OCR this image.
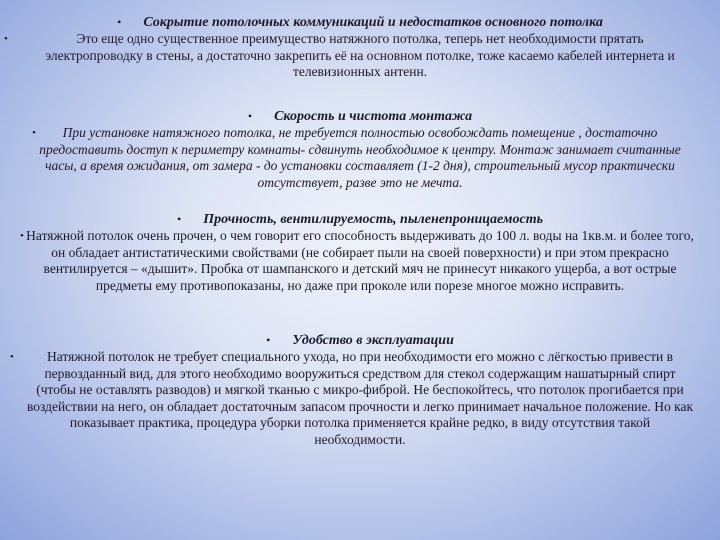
• Сокрытие потолочных коммуникаций и недостатков основного потолка

•	Это еще одно существенное преимущество натяжного потолка, теперь нет необходимости прятать электропроводку в стены, а достаточно закрепить её на основном потолке, тоже касаемо кабелей интернета и телевизионных антенн.

• Скорость и чистота монтажа

•	При установке натяжного потолка, не требуется полностью освобождать помещение , достаточно предоставить доступ к периметру комнаты- сдвинуть необходимое к центру. Монтаж занимает считанные часы, а время ожидания, от замера - до установки составляет (1-2 дня), строительный мусор практически отсутствует, разве это не мечта.

• Прочность, вентилируемость, пыленепроницаемость

• Натяжной потолок очень прочен, о чем говорит его способность выдерживать до 100 л. воды на 1кв.м. и более того, он обладает антистатическими свойствами (не собирает пыли на своей поверхности) и при этом прекрасно вентилируется – «дышит». Пробка от шампанского и детский мяч не принесут никакого ущерба, а вот острые предметы ему противопоказаны, но даже при проколе или порезе многое можно исправить.

• Удобство в эксплуатации

•	Натяжной потолок не требует специального ухода, но при необходимости его можно с лёгкостью привести в первозданный вид, для этого необходимо вооружиться средством для стекол содержащим нашатырный спирт (чтобы не оставлять разводов) и мягкой тканью с микро-фиброй. Не беспокойтесь, что потолок прогибается при воздействии на него, он обладает достаточным запасом прочности и легко принимает начальное положение. Но как показывает практика, процедура уборки потолка применяется крайне редко, в виду отсутствия такой необходимости.
